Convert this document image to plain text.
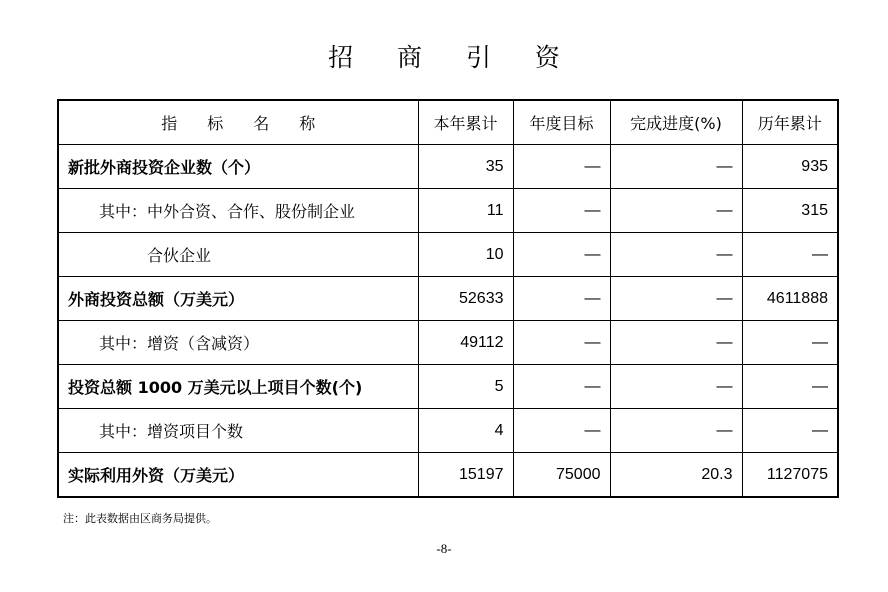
招 商 引 资
指标名称	本年累计	年度目标	完成进度(%)	历年累计
新批外商投资企业数（个）	35	—	—	935
其中：中外合资、合作、股份制企业	11	—	—	315
合伙企业	10	—	—	—
外商投资总额（万美元）	52633	—	—	4611888
其中：增资（含减资）	49112	—	—	—
投资总额 1000 万美元以上项目个数(个)	5	—	—	—
其中：增资项目个数	4	—	—	—
实际利用外资（万美元）	15197	75000	20.3	1127075
注：此表数据由区商务局提供。
-8-
